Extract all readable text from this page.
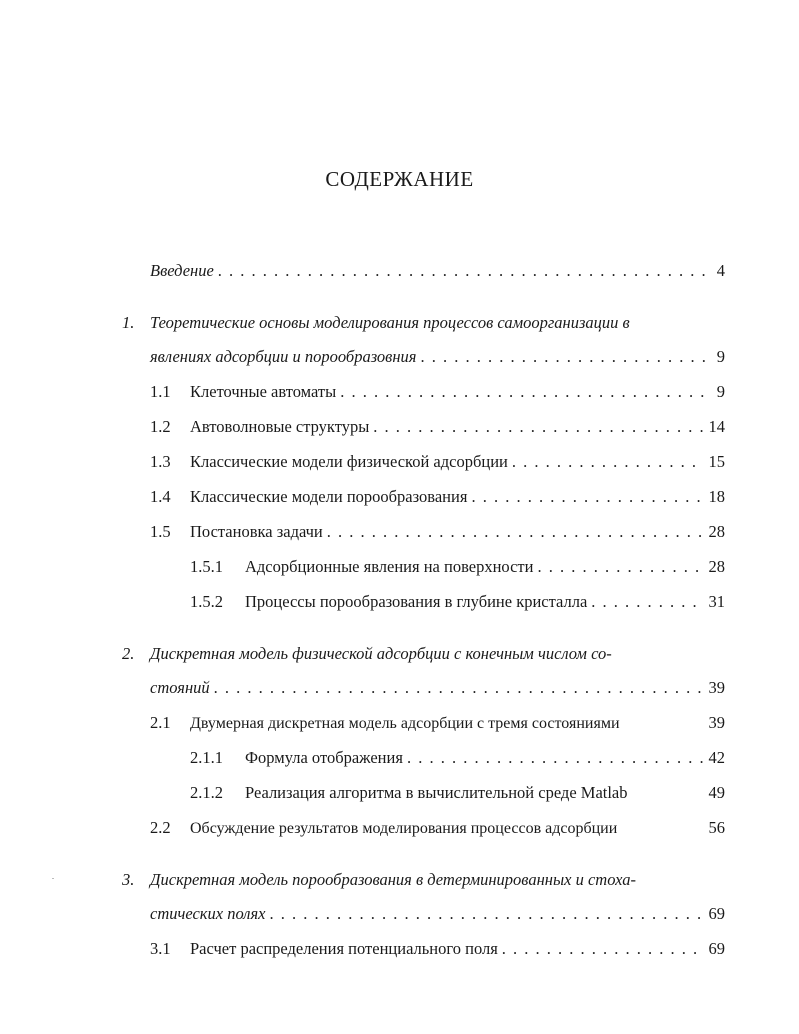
СОДЕРЖАНИЕ
Введение . . .	4
1. Теоретические основы моделирования процессов самоорганизации в
явлениях адсорбции и порообразовния . . .	9
1.1 Клеточные автоматы . . .	9
1.2 Автоволновые структуры . . .	14
1.3 Классические модели физической адсорбции . . .	15
1.4 Классические модели порообразования . . .	18
1.5 Постановка задачи . . .	28
1.5.1 Адсорбционные явления на поверхности . . .	28
1.5.2 Процессы порообразования в глубине кристалла . . .	31
2. Дискретная модель физической адсорбции с конечным числом со-
стояний . . .	39
2.1 Двумерная дискретная модель адсорбции с тремя состояниями	39
2.1.1 Формула отображения . . .	42
2.1.2 Реализация алгоритма в вычислительной среде Matlab	49
2.2 Обсуждение результатов моделирования процессов адсорбции	56
3. Дискретная модель порообразования в детерминированных и стоха-
стических полях . . .	69
3.1 Расчет распределения потенциального поля . . .	69
